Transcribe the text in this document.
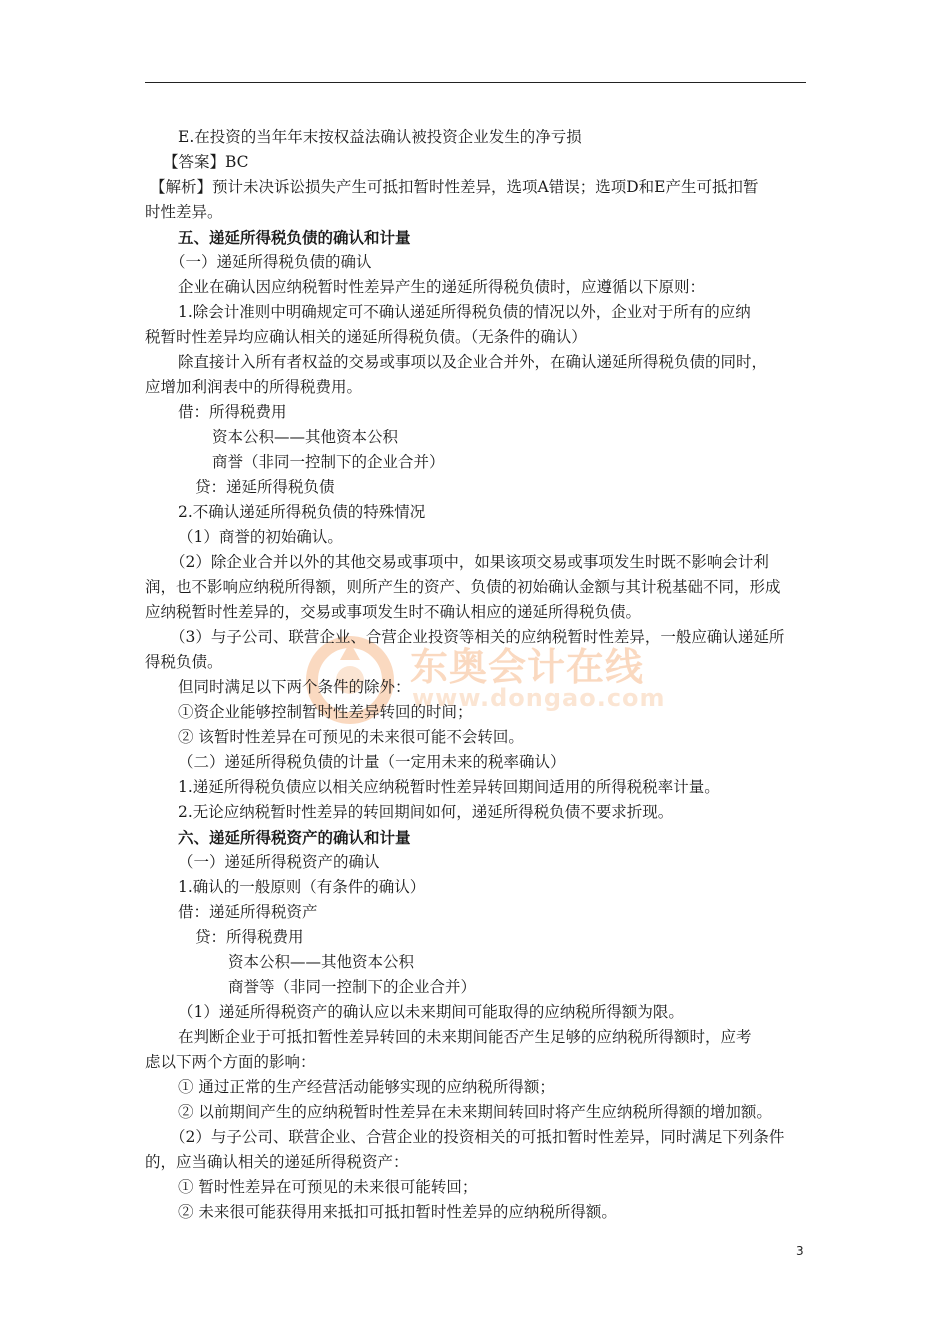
东奥会计在线
www.dongao.com
E.在投资的当年年末按权益法确认被投资企业发生的净亏损
【答案】BC
【解析】预计未决诉讼损失产生可抵扣暂时性差异，选项A错误；选项D和E产生可抵扣暂
时性差异。
五、递延所得税负债的确认和计量
（一）递延所得税负债的确认
企业在确认因应纳税暂时性差异产生的递延所得税负债时，应遵循以下原则：
1.除会计准则中明确规定可不确认递延所得税负债的情况以外，企业对于所有的应纳
税暂时性差异均应确认相关的递延所得税负债。（无条件的确认）
除直接计入所有者权益的交易或事项以及企业合并外，在确认递延所得税负债的同时，
应增加利润表中的所得税费用。
借：所得税费用
资本公积——其他资本公积
商誉（非同一控制下的企业合并）
贷：递延所得税负债
2.不确认递延所得税负债的特殊情况
（1）商誉的初始确认。
（2）除企业合并以外的其他交易或事项中，如果该项交易或事项发生时既不影响会计利
润，也不影响应纳税所得额，则所产生的资产、负债的初始确认金额与其计税基础不同，形成
应纳税暂时性差异的，交易或事项发生时不确认相应的递延所得税负债。
（3）与子公司、联营企业、合营企业投资等相关的应纳税暂时性差异，一般应确认递延所
得税负债。
但同时满足以下两个条件的除外：
①资企业能够控制暂时性差异转回的时间；
② 该暂时性差异在可预见的未来很可能不会转回。
（二）递延所得税负债的计量（一定用未来的税率确认）
1.递延所得税负债应以相关应纳税暂时性差异转回期间适用的所得税税率计量。
2.无论应纳税暂时性差异的转回期间如何，递延所得税负债不要求折现。
六、递延所得税资产的确认和计量
（一）递延所得税资产的确认
1.确认的一般原则（有条件的确认）
借：递延所得税资产
贷：所得税费用
资本公积——其他资本公积
商誉等（非同一控制下的企业合并）
（1）递延所得税资产的确认应以未来期间可能取得的应纳税所得额为限。
在判断企业于可抵扣暂性差异转回的未来期间能否产生足够的应纳税所得额时，应考
虑以下两个方面的影响：
① 通过正常的生产经营活动能够实现的应纳税所得额；
② 以前期间产生的应纳税暂时性差异在未来期间转回时将产生应纳税所得额的增加额。
（2）与子公司、联营企业、合营企业的投资相关的可抵扣暂时性差异，同时满足下列条件
的，应当确认相关的递延所得税资产：
① 暂时性差异在可预见的未来很可能转回；
② 未来很可能获得用来抵扣可抵扣暂时性差异的应纳税所得额。
3
